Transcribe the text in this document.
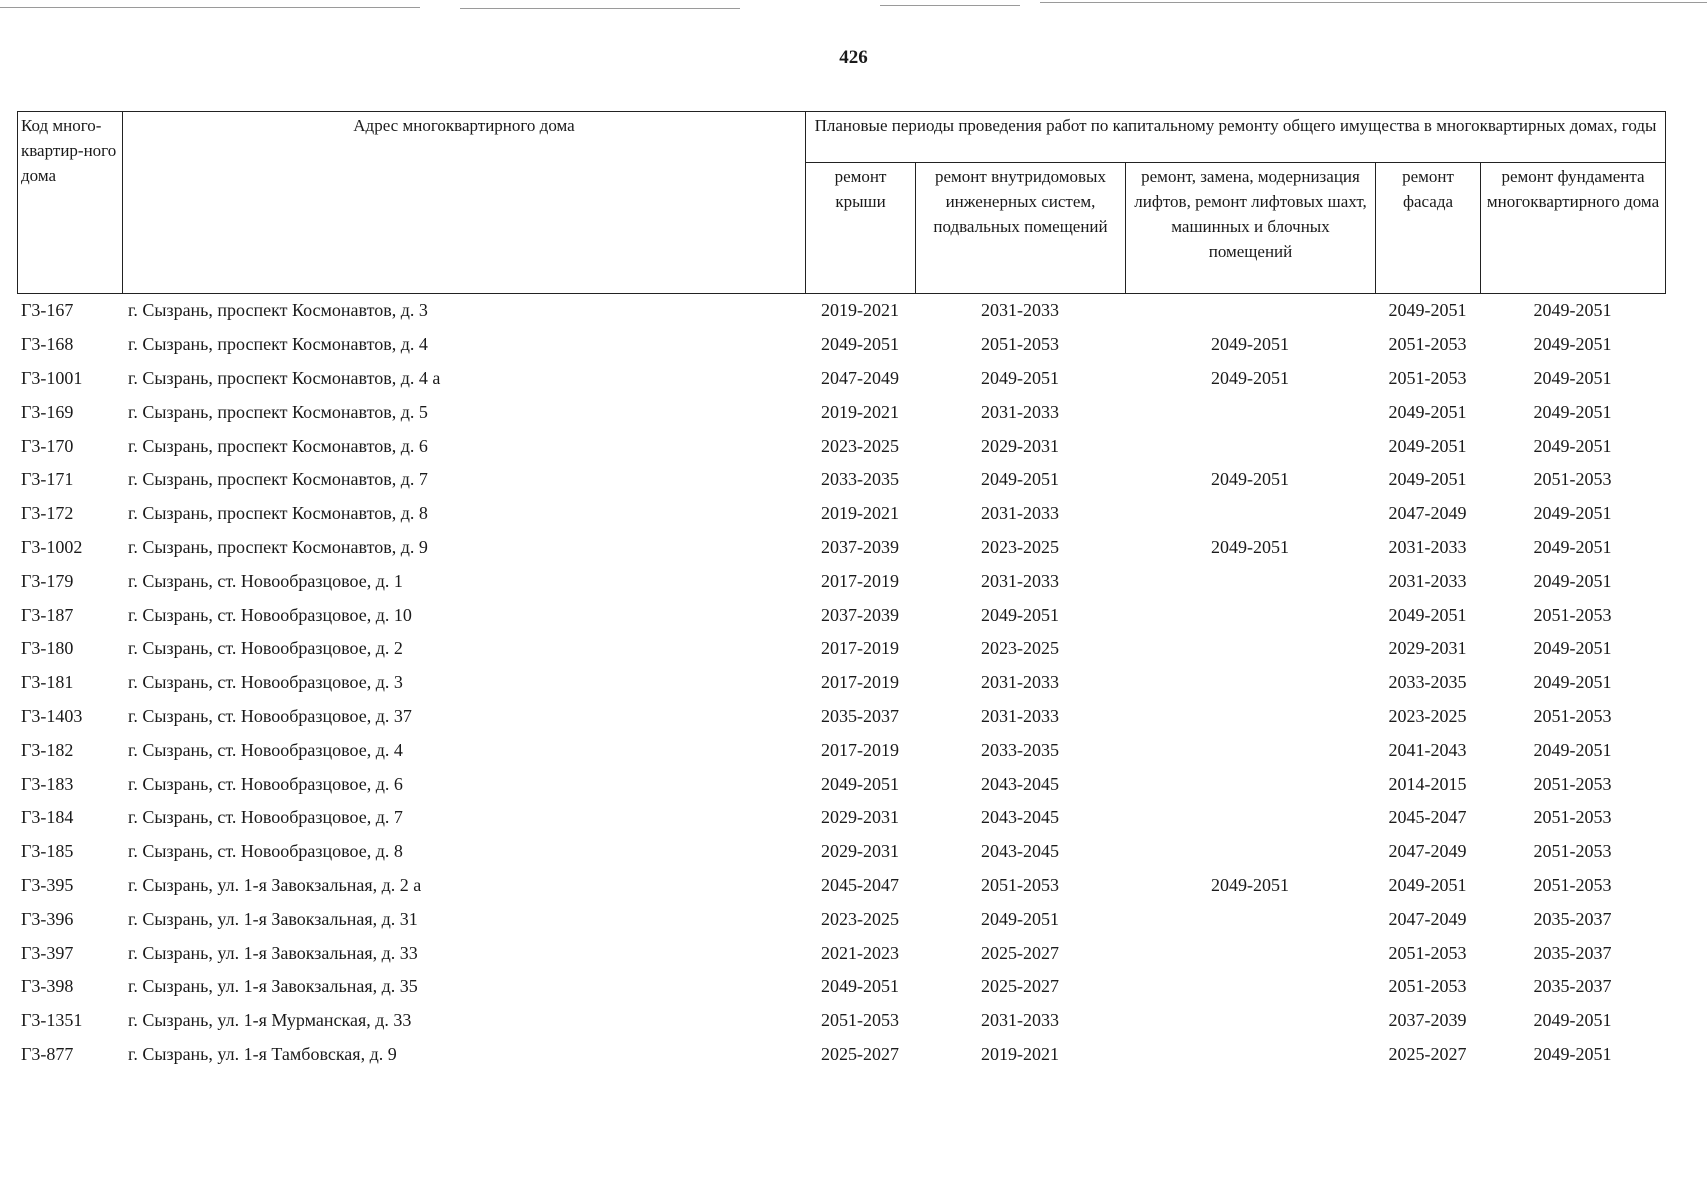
426
Код много-квартир-ного дома	Адрес многоквартирного дома	Плановые периоды проведения работ по капитальному ремонту общего имущества в многоквартирных домах, годы				
		ремонт крыши	ремонт внутридомовых инженерных систем, подвальных помещений	ремонт, замена, модернизация лифтов, ремонт лифтовых шахт, машинных и блочных помещений	ремонт фасада	ремонт фундамента многоквартирного дома
Г3-167	г. Сызрань, проспект Космонавтов, д. 3	2019-2021	2031-2033		2049-2051	2049-2051
Г3-168	г. Сызрань, проспект Космонавтов, д. 4	2049-2051	2051-2053	2049-2051	2051-2053	2049-2051
Г3-1001	г. Сызрань, проспект Космонавтов, д. 4 а	2047-2049	2049-2051	2049-2051	2051-2053	2049-2051
Г3-169	г. Сызрань, проспект Космонавтов, д. 5	2019-2021	2031-2033		2049-2051	2049-2051
Г3-170	г. Сызрань, проспект Космонавтов, д. 6	2023-2025	2029-2031		2049-2051	2049-2051
Г3-171	г. Сызрань, проспект Космонавтов, д. 7	2033-2035	2049-2051	2049-2051	2049-2051	2051-2053
Г3-172	г. Сызрань, проспект Космонавтов, д. 8	2019-2021	2031-2033		2047-2049	2049-2051
Г3-1002	г. Сызрань, проспект Космонавтов, д. 9	2037-2039	2023-2025	2049-2051	2031-2033	2049-2051
Г3-179	г. Сызрань, ст. Новообразцовое, д. 1	2017-2019	2031-2033		2031-2033	2049-2051
Г3-187	г. Сызрань, ст. Новообразцовое, д. 10	2037-2039	2049-2051		2049-2051	2051-2053
Г3-180	г. Сызрань, ст. Новообразцовое, д. 2	2017-2019	2023-2025		2029-2031	2049-2051
Г3-181	г. Сызрань, ст. Новообразцовое, д. 3	2017-2019	2031-2033		2033-2035	2049-2051
Г3-1403	г. Сызрань, ст. Новообразцовое, д. 37	2035-2037	2031-2033		2023-2025	2051-2053
Г3-182	г. Сызрань, ст. Новообразцовое, д. 4	2017-2019	2033-2035		2041-2043	2049-2051
Г3-183	г. Сызрань, ст. Новообразцовое, д. 6	2049-2051	2043-2045		2014-2015	2051-2053
Г3-184	г. Сызрань, ст. Новообразцовое, д. 7	2029-2031	2043-2045		2045-2047	2051-2053
Г3-185	г. Сызрань, ст. Новообразцовое, д. 8	2029-2031	2043-2045		2047-2049	2051-2053
Г3-395	г. Сызрань, ул. 1-я Завокзальная, д. 2 а	2045-2047	2051-2053	2049-2051	2049-2051	2051-2053
Г3-396	г. Сызрань, ул. 1-я Завокзальная, д. 31	2023-2025	2049-2051		2047-2049	2035-2037
Г3-397	г. Сызрань, ул. 1-я Завокзальная, д. 33	2021-2023	2025-2027		2051-2053	2035-2037
Г3-398	г. Сызрань, ул. 1-я Завокзальная, д. 35	2049-2051	2025-2027		2051-2053	2035-2037
Г3-1351	г. Сызрань, ул. 1-я Мурманская, д. 33	2051-2053	2031-2033		2037-2039	2049-2051
Г3-877	г. Сызрань, ул. 1-я Тамбовская, д. 9	2025-2027	2019-2021		2025-2027	2049-2051
